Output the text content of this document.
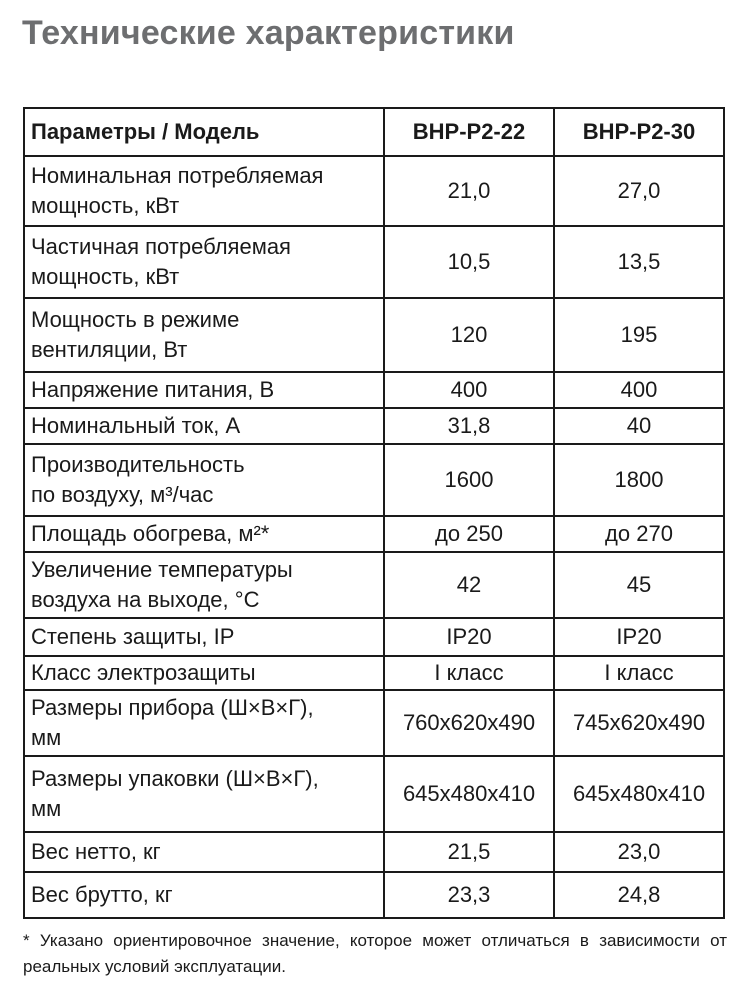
Технические характеристики
Параметры / Модель	BHP-P2-22	BHP-P2-30

Номинальная потребляемая
мощность, кВт	21,0	27,0

Частичная потребляемая
мощность, кВт	10,5	13,5

Мощность в режиме
вентиляции, Вт	120	195

Напряжение питания, В	400	400

Номинальный ток, А	31,8	40

Производительность
по воздуху, м³/час	1600	1800

Площадь обогрева, м²*	до 250	до 270

Увеличение температуры
воздуха на выходе, °С	42	45

Степень защиты, IP	IP20	IP20

Класс электрозащиты	I класс	I класс

Размеры прибора (Ш×В×Г),
мм	760х620х490	745х620х490

Размеры упаковки (Ш×В×Г),
мм	645х480х410	645х480х410

Вес нетто, кг	21,5	23,0

Вес брутто, кг	23,3	24,8
* Указано ориентировочное значение, которое может отличаться в зависимости от реальных условий эксплуатации.
